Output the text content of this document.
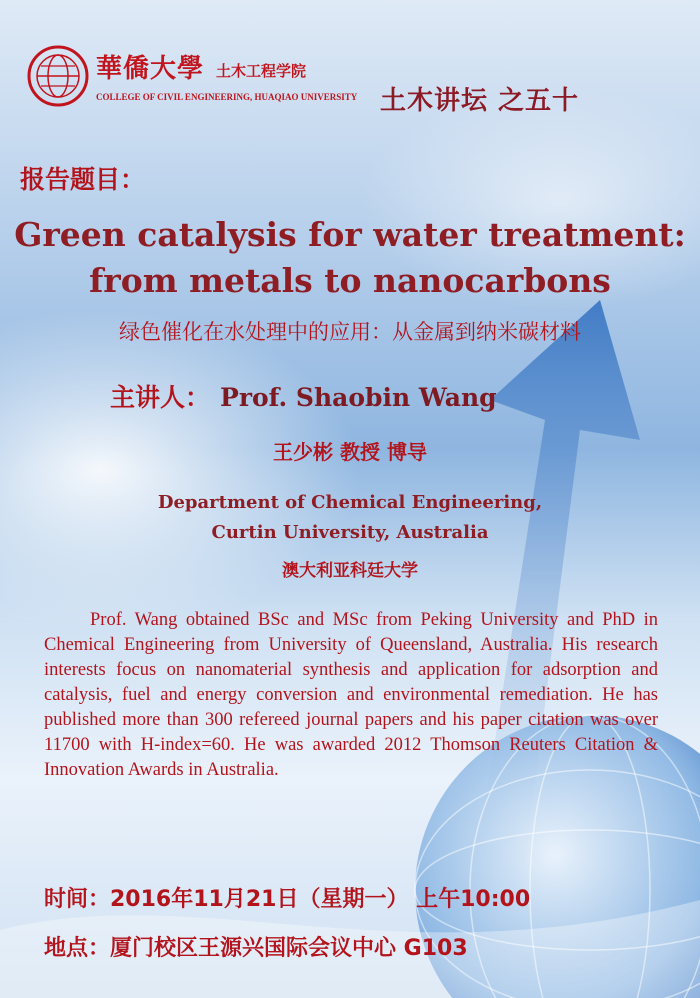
華僑大學 土木工程学院
COLLEGE OF CIVIL ENGINEERING, HUAQIAO UNIVERSITY 土木讲坛 之五十
报告题目：
Green catalysis for water treatment:
from metals to nanocarbons
绿色催化在水处理中的应用：从金属到纳米碳材料
主讲人： Prof. Shaobin Wang
王少彬 教授 博导
Department of Chemical Engineering,
Curtin University, Australia
澳大利亚科廷大学
Prof. Wang obtained BSc and MSc from Peking University and PhD in Chemical Engineering from University of Queensland, Australia. His research interests focus on nanomaterial synthesis and application for adsorption and catalysis, fuel and energy conversion and environmental remediation. He has published more than 300 refereed journal papers and his paper citation was over 11700 with H-index=60. He was awarded 2012 Thomson Reuters Citation & Innovation Awards in Australia.
时间：2016年11月21日（星期一） 上午10:00
地点：厦门校区王源兴国际会议中心 G103
